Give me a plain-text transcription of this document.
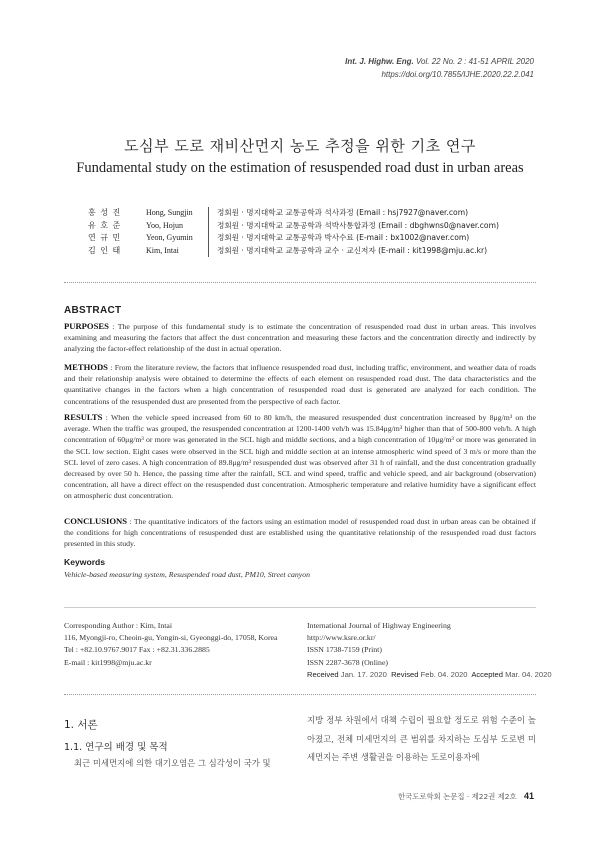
Int. J. Highw. Eng. Vol. 22 No. 2 : 41-51 APRIL 2020
https://doi.org/10.7855/IJHE.2020.22.2.041
도심부 도로 재비산먼지 농도 추정을 위한 기초 연구
Fundamental study on the estimation of resuspended road dust in urban areas
홍 성 진	Hong, Sungjin	정회원 · 명지대학교 교통공학과 석사과정 (Email : hsj7927@naver.com)
유 호 준	Yoo, Hojun	정회원 · 명지대학교 교통공학과 석박사통합과정 (Email : dbghwns0@naver.com)
연 규 민	Yeon, Gyumin	정회원 · 명지대학교 교통공학과 박사수료 (E-mail : bx1002@naver.com)
김 인 태	Kim, Intai	정회원 · 명지대학교 교통공학과 교수 · 교신저자 (E-mail : kit1998@mju.ac.kr)
ABSTRACT
PURPOSES : The purpose of this fundamental study is to estimate the concentration of resuspended road dust in urban areas. This involves examining and measuring the factors that affect the dust concentration and measuring these factors and the concentration directly and indirectly by analyzing the factor-effect relationship of the dust in actual operation.
METHODS : From the literature review, the factors that influence resuspended road dust, including traffic, environment, and weather data of roads and their relationship analysis were obtained to determine the effects of each element on resuspended road dust. The data characteristics and the quantitative changes in the factors when a high concentration of resuspended road dust is generated are analyzed for each condition. The concentrations of the resuspended dust are presented from the perspective of each factor.
RESULTS : When the vehicle speed increased from 60 to 80 km/h, the measured resuspended dust concentration increased by 8μg/m³ on the average. When the traffic was grouped, the resuspended concentration at 1200-1400 veh/h was 15.84μg/m³ higher than that of 500-800 veh/h. A high concentration of 60μg/m³ or more was generated in the SCL high and middle sections, and a high concentration of 10μg/m³ or more was generated in the SCL low section. Eight cases were observed in the SCL high and middle section at an intense atmospheric wind speed of 3 m/s or more than the SCL level of zero cases. A high concentration of 89.8μg/m³ resuspended dust was observed after 31 h of rainfall, and the dust concentration gradually decreased by over 50 h. Hence, the passing time after the rainfall, SCL and wind speed, traffic and vehicle speed, and air background (observation) concentration, all have a direct effect on the resuspended dust concentration. Atmospheric temperature and relative humidity have a significant effect on atmospheric dust concentration.
CONCLUSIONS : The quantitative indicators of the factors using an estimation model of resuspended road dust in urban areas can be obtained if the conditions for high concentrations of resuspended dust are established using the quantitative relationship of the resuspended road dust factors presented in this study.
Keywords
Vehicle-based measuring system, Resuspended road dust, PM10, Street canyon
Corresponding Author : Kim, Intai
116, Myongji-ro, Cheoin-gu, Yongin-si, Gyeonggi-do, 17058, Korea
Tel : +82.10.9767.9017 Fax : +82.31.336.2885
E-mail : kit1998@mju.ac.kr
International Journal of Highway Engineering
http://www.ksre.or.kr/
ISSN 1738-7159 (Print)
ISSN 2287-3678 (Online)
Received Jan. 17. 2020 Revised Feb. 04. 2020 Accepted Mar. 04. 2020
1. 서론
1.1. 연구의 배경 및 목적
최근 미세먼지에 의한 대기오염은 그 심각성이 국가 및
지방 정부 차원에서 대책 수립이 필요할 정도로 위험 수준이 높아졌고, 전체 미세먼지의 큰 범위를 차지하는 도심부 도로변 미세먼지는 주변 생활권을 이용하는 도로이용자에
한국도로학회 논문집 · 제22권 제2호 41
